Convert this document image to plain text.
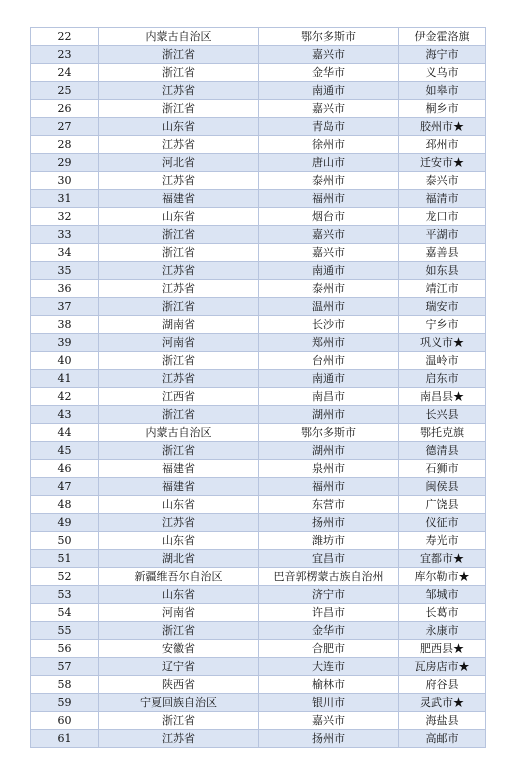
22	内蒙古自治区	鄂尔多斯市	伊金霍洛旗
23	浙江省	嘉兴市	海宁市
24	浙江省	金华市	义乌市
25	江苏省	南通市	如皋市
26	浙江省	嘉兴市	桐乡市
27	山东省	青岛市	胶州市★
28	江苏省	徐州市	邳州市
29	河北省	唐山市	迁安市★
30	江苏省	泰州市	泰兴市
31	福建省	福州市	福清市
32	山东省	烟台市	龙口市
33	浙江省	嘉兴市	平湖市
34	浙江省	嘉兴市	嘉善县
35	江苏省	南通市	如东县
36	江苏省	泰州市	靖江市
37	浙江省	温州市	瑞安市
38	湖南省	长沙市	宁乡市
39	河南省	郑州市	巩义市★
40	浙江省	台州市	温岭市
41	江苏省	南通市	启东市
42	江西省	南昌市	南昌县★
43	浙江省	湖州市	长兴县
44	内蒙古自治区	鄂尔多斯市	鄂托克旗
45	浙江省	湖州市	德清县
46	福建省	泉州市	石狮市
47	福建省	福州市	闽侯县
48	山东省	东营市	广饶县
49	江苏省	扬州市	仪征市
50	山东省	潍坊市	寿光市
51	湖北省	宜昌市	宜都市★
52	新疆维吾尔自治区	巴音郭楞蒙古族自治州	库尔勒市★
53	山东省	济宁市	邹城市
54	河南省	许昌市	长葛市
55	浙江省	金华市	永康市
56	安徽省	合肥市	肥西县★
57	辽宁省	大连市	瓦房店市★
58	陕西省	榆林市	府谷县
59	宁夏回族自治区	银川市	灵武市★
60	浙江省	嘉兴市	海盐县
61	江苏省	扬州市	高邮市
